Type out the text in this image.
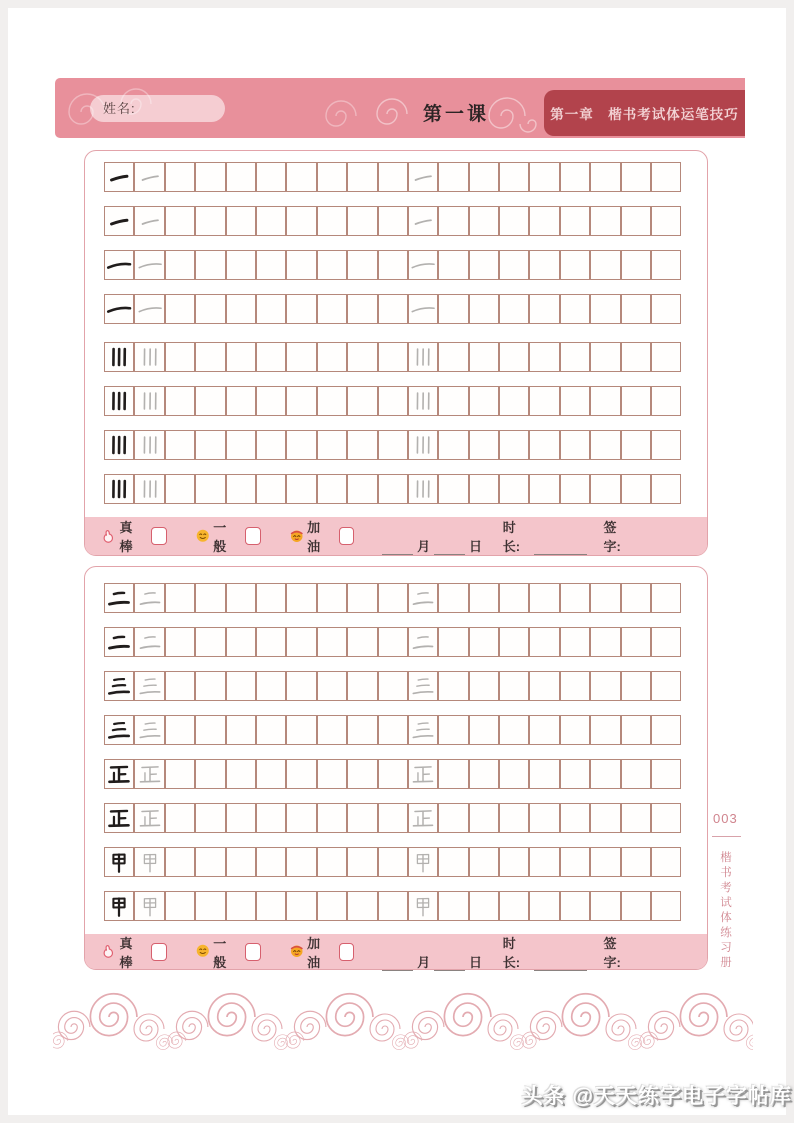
姓名:	第一课	第一章　楷书考试体运笔技巧
真棒
一般
加油	月	日
时长:
签字:
真棒
一般
加油	月	日
时长:
签字:
003
楷书考试体练习册
头条 @天天练字电子字帖库
